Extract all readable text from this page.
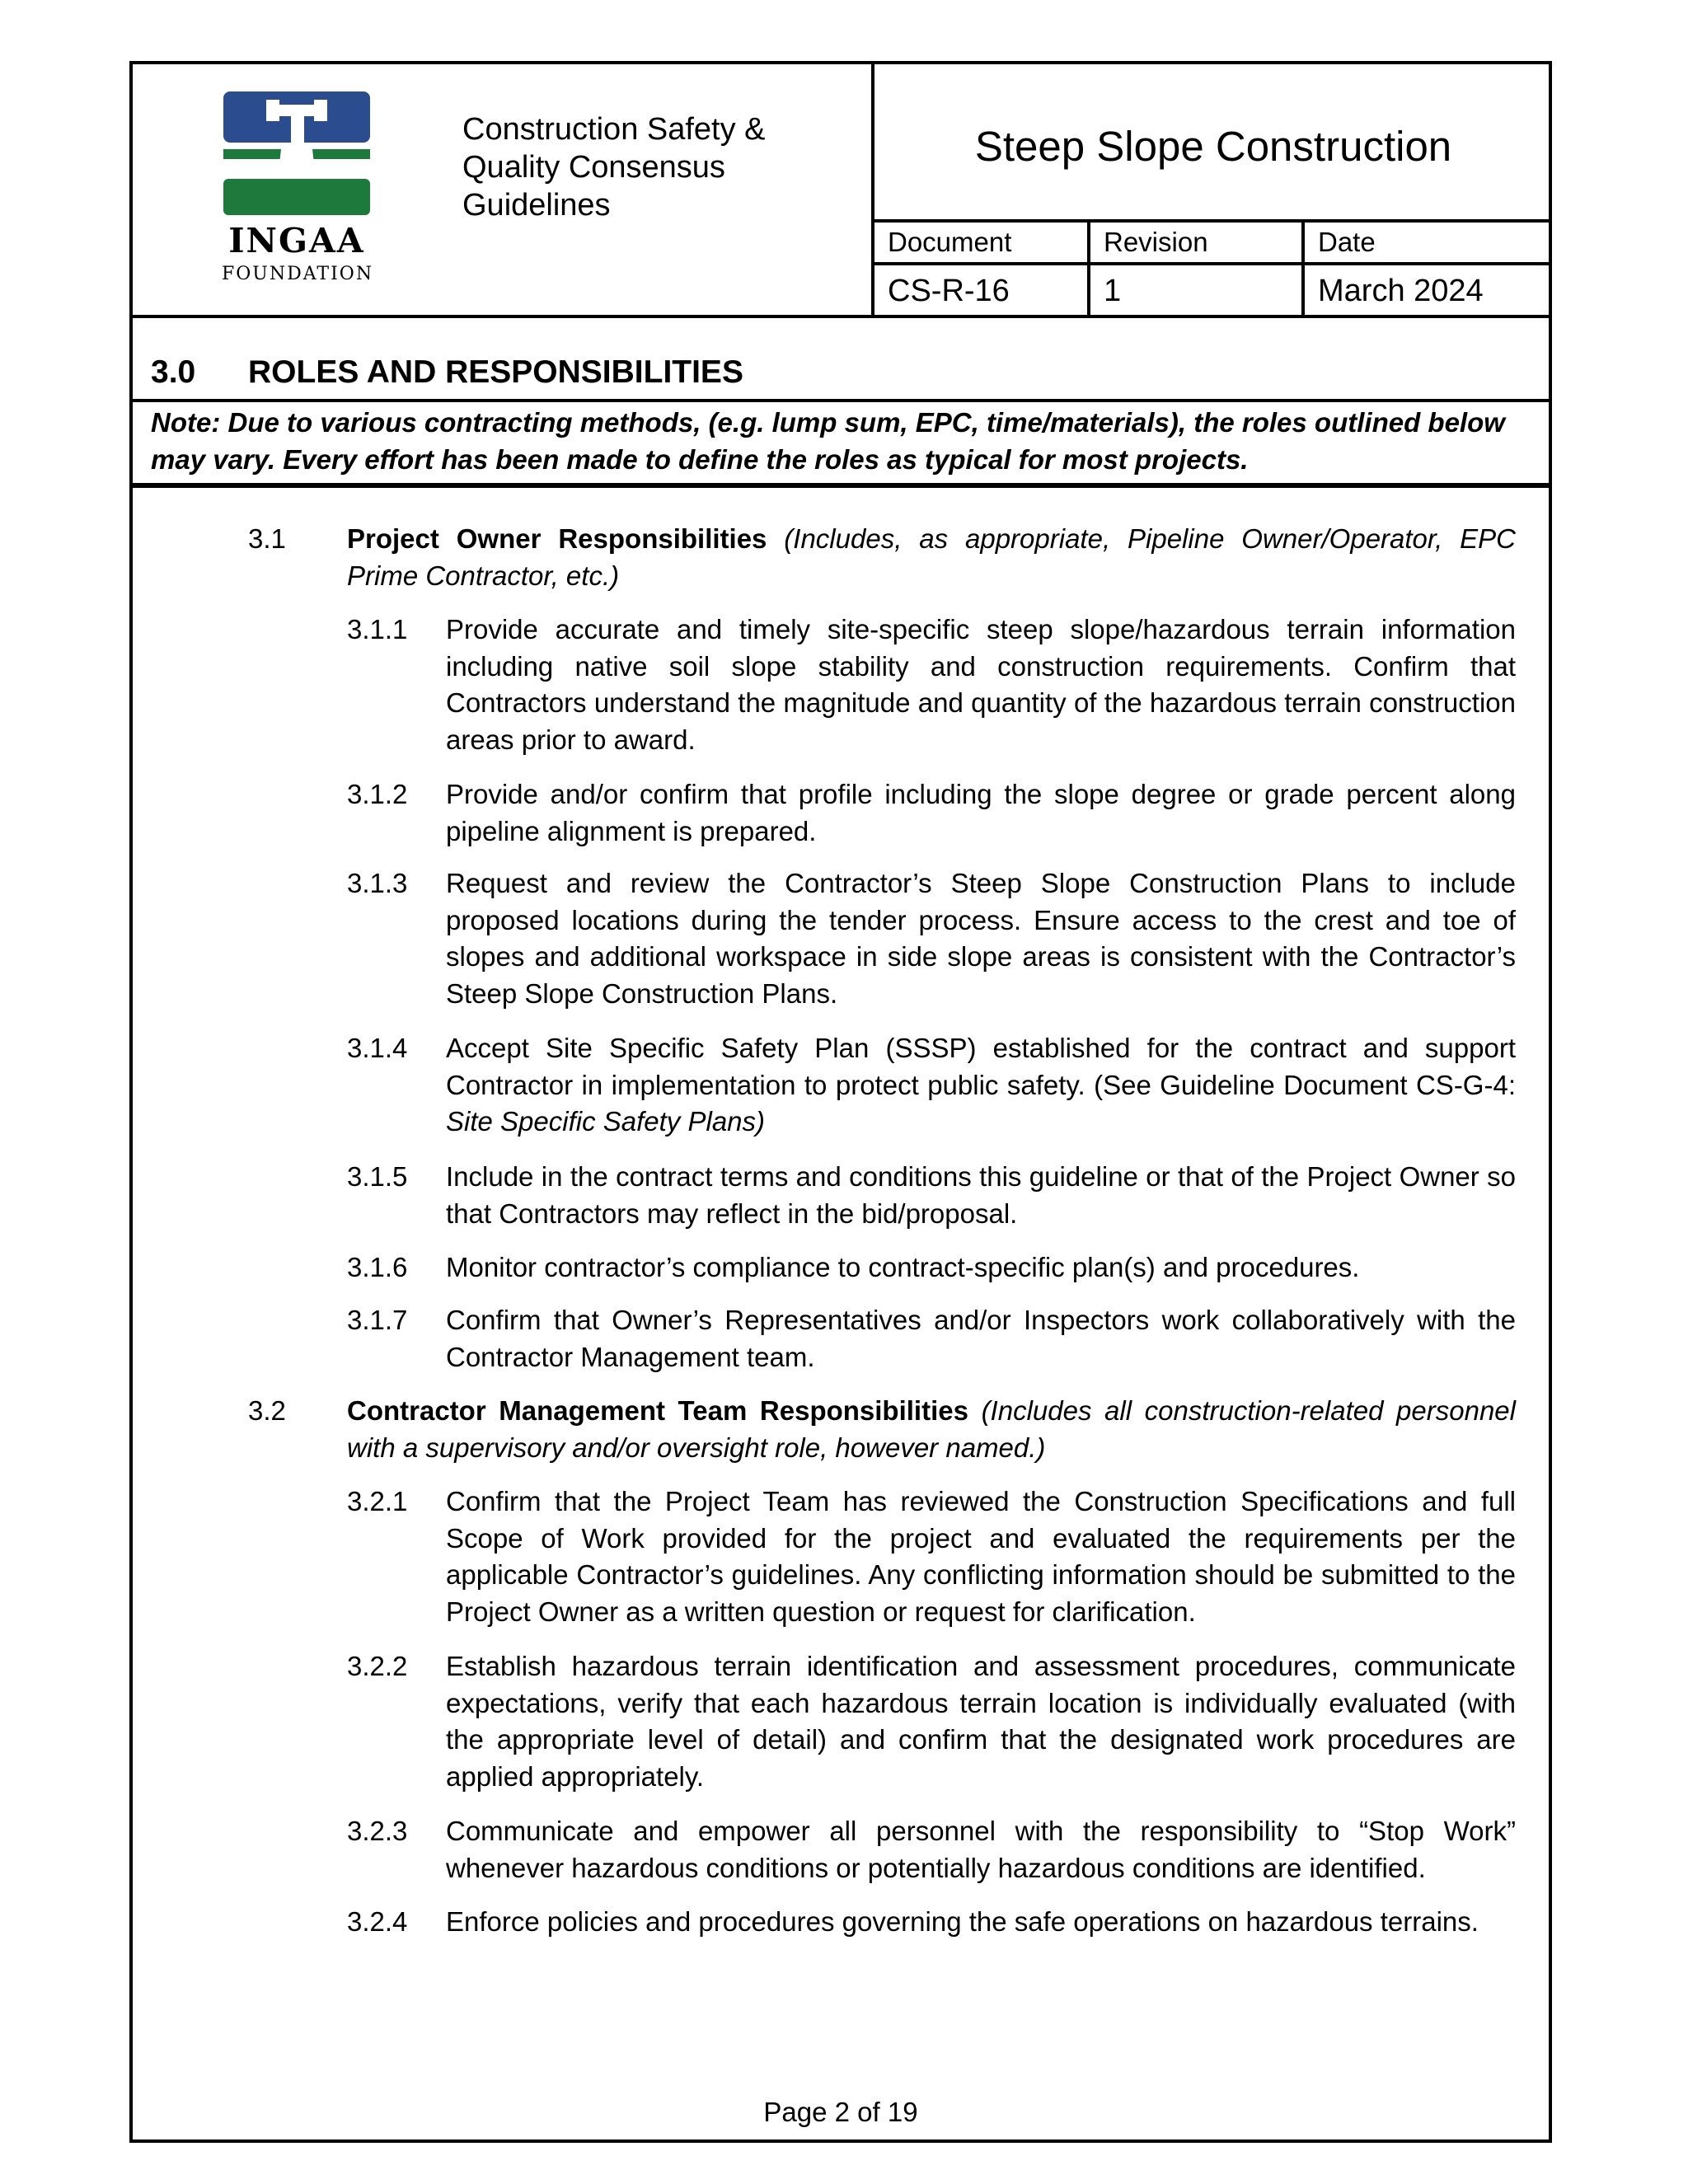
INGAA
FOUNDATION
Construction Safety &
Quality Consensus
Guidelines
Steep Slope Construction
Document	Revision	Date
CS-R-16	1	March 2024
3.0 ROLES AND RESPONSIBILITIES
Note: Due to various contracting methods, (e.g. lump sum, EPC, time/materials), the roles outlined below may vary. Every effort has been made to define the roles as typical for most projects.
3.1 Project Owner Responsibilities (Includes, as appropriate, Pipeline Owner/Operator, EPC Prime Contractor, etc.)
3.1.1 Provide accurate and timely site-specific steep slope/hazardous terrain information including native soil slope stability and construction requirements. Confirm that Contractors understand the magnitude and quantity of the hazardous terrain construction areas prior to award.
3.1.2 Provide and/or confirm that profile including the slope degree or grade percent along pipeline alignment is prepared.
3.1.3 Request and review the Contractor’s Steep Slope Construction Plans to include proposed locations during the tender process. Ensure access to the crest and toe of slopes and additional workspace in side slope areas is consistent with the Contractor’s Steep Slope Construction Plans.
3.1.4 Accept Site Specific Safety Plan (SSSP) established for the contract and support Contractor in implementation to protect public safety. (See Guideline Document CS-G-4: Site Specific Safety Plans)
3.1.5 Include in the contract terms and conditions this guideline or that of the Project Owner so that Contractors may reflect in the bid/proposal.
3.1.6 Monitor contractor’s compliance to contract-specific plan(s) and procedures.
3.1.7 Confirm that Owner’s Representatives and/or Inspectors work collaboratively with the Contractor Management team.
3.2 Contractor Management Team Responsibilities (Includes all construction-related personnel with a supervisory and/or oversight role, however named.)
3.2.1 Confirm that the Project Team has reviewed the Construction Specifications and full Scope of Work provided for the project and evaluated the requirements per the applicable Contractor’s guidelines. Any conflicting information should be submitted to the Project Owner as a written question or request for clarification.
3.2.2 Establish hazardous terrain identification and assessment procedures, communicate expectations, verify that each hazardous terrain location is individually evaluated (with the appropriate level of detail) and confirm that the designated work procedures are applied appropriately.
3.2.3 Communicate and empower all personnel with the responsibility to “Stop Work” whenever hazardous conditions or potentially hazardous conditions are identified.
3.2.4 Enforce policies and procedures governing the safe operations on hazardous terrains.
Page 2 of 19
